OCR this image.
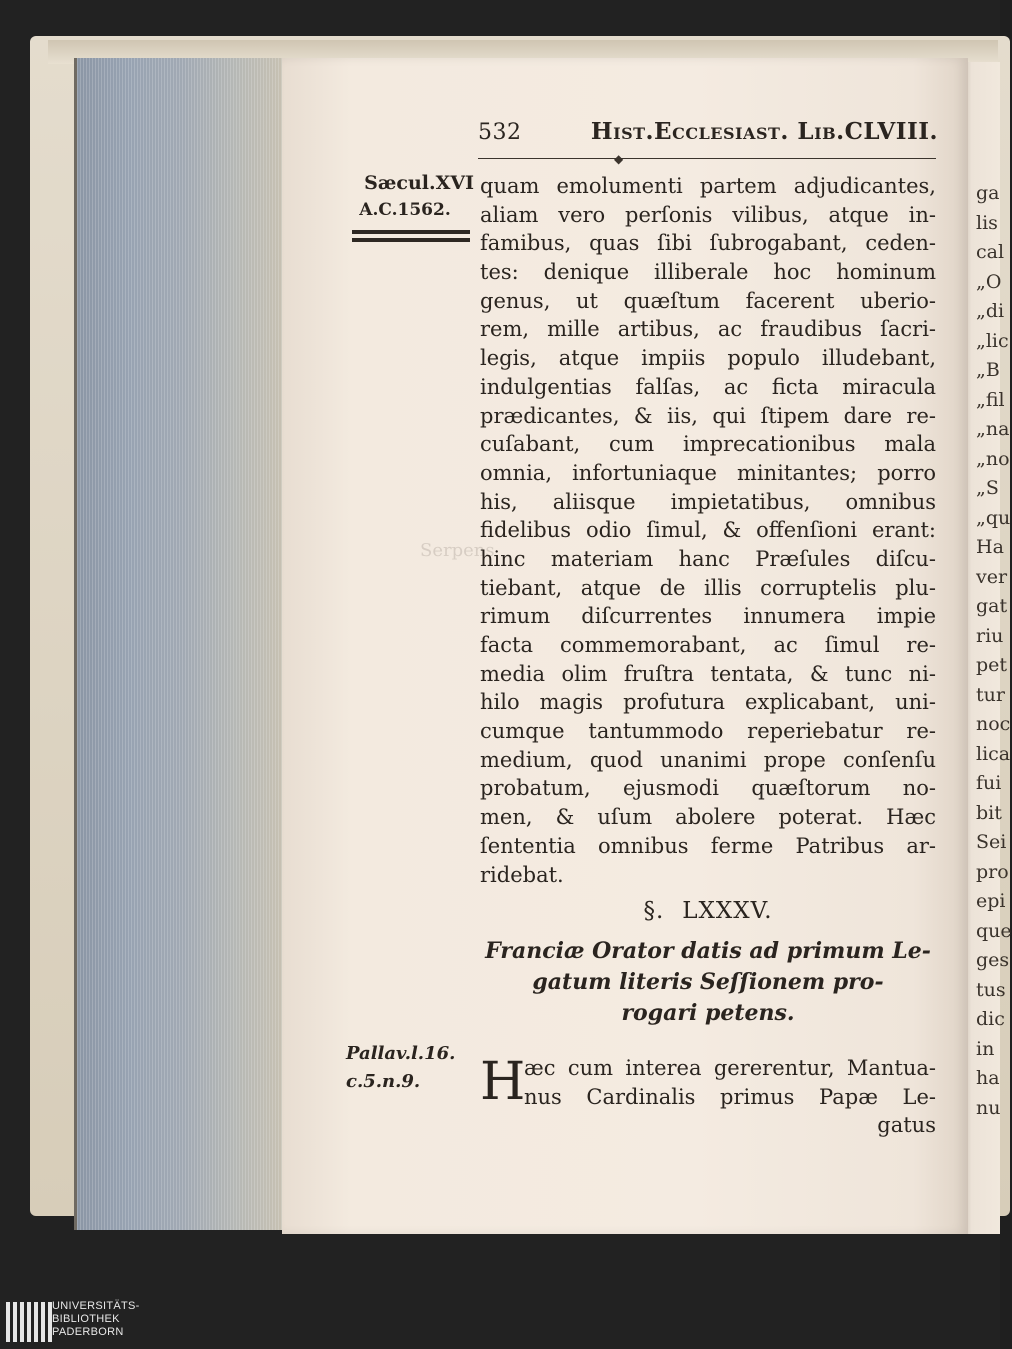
ga
lis
cal
„O
„di
„lic
„B
„fil
„na
„no
„S
„qu
Ha
ver
gat
riu
pet
tur
noc
lica
fui
bit
Sei
pro
epi
que
ges
tus
dic
in
ha
nu
Serpens
532	Hist.Ecclesiast. Lib.CLVIII.
◆
Sæcul.XVI
A.C.1562.
Pallav.l.16.
c.5.n.9.
quam emolumenti partem adjudicantes,
aliam vero perſonis vilibus, atque in-
famibus, quas ſibi ſubrogabant, ceden-
tes: denique illiberale hoc hominum
genus, ut quæſtum facerent uberio-
rem, mille artibus, ac fraudibus ſacri-
legis, atque impiis populo illudebant,
indulgentias falſas, ac ficta miracula
prædicantes, & iis, qui ſtipem dare re-
cuſabant, cum imprecationibus mala
omnia, infortuniaque minitantes; porro
his, aliisque impietatibus, omnibus
fidelibus odio ſimul, & offenſioni erant:
hinc materiam hanc Præſules diſcu-
tiebant, atque de illis corruptelis plu-
rimum diſcurrentes innumera impie
facta commemorabant, ac ſimul re-
media olim fruſtra tentata, & tunc ni-
hilo magis profutura explicabant, uni-
cumque tantummodo reperiebatur re-
medium, quod unanimi prope conſenſu
probatum, ejusmodi quæſtorum no-
men, & uſum abolere poterat. Hæc
ſententia omnibus ferme Patribus ar-
ridebat.
§. LXXXV.
Franciæ Orator datis ad primum Le-
gatum literis Seſſionem pro-
rogari petens.
H
æc cum interea gererentur, Mantua-
nus Cardinalis primus Papæ Le-
gatus
UNIVERSITÄTS-
BIBLIOTHEK
PADERBORN
